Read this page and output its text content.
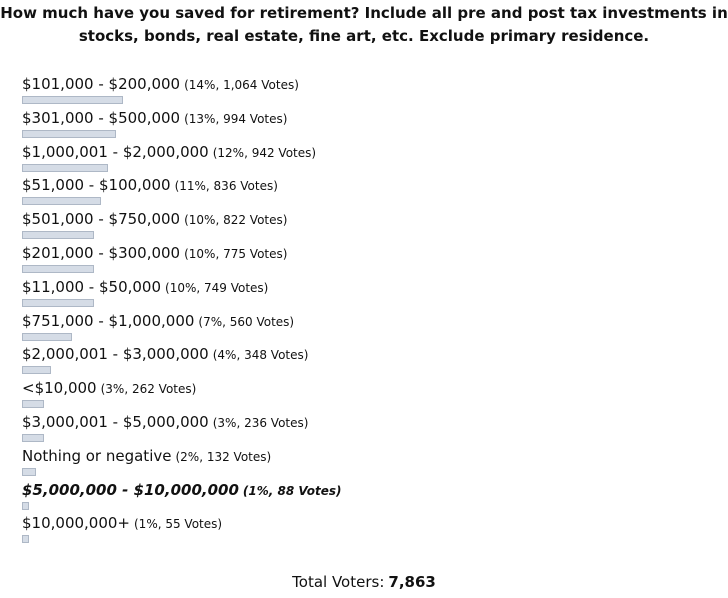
How much have you saved for retirement? Include all pre and post tax investments in stocks, bonds, real estate, fine art, etc. Exclude primary residence.

$101,000 - $200,000 (14%, 1,064 Votes)
$301,000 - $500,000 (13%, 994 Votes)
$1,000,001 - $2,000,000 (12%, 942 Votes)
$51,000 - $100,000 (11%, 836 Votes)
$501,000 - $750,000 (10%, 822 Votes)
$201,000 - $300,000 (10%, 775 Votes)
$11,000 - $50,000 (10%, 749 Votes)
$751,000 - $1,000,000 (7%, 560 Votes)
$2,000,001 - $3,000,000 (4%, 348 Votes)
<$10,000 (3%, 262 Votes)
$3,000,001 - $5,000,000 (3%, 236 Votes)
Nothing or negative (2%, 132 Votes)
$5,000,000 - $10,000,000 (1%, 88 Votes)
$10,000,000+ (1%, 55 Votes)
Total Voters: 7,863
